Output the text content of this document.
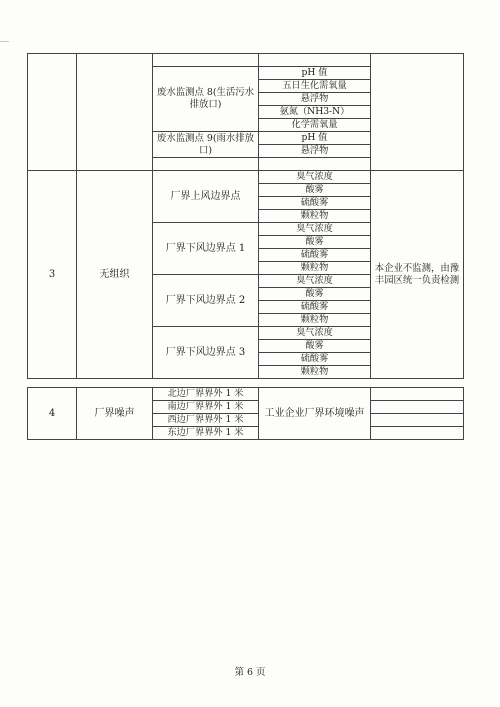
		废水监测点 8(生活污水排放口)	pH 值	
			五日生化需氧量	
			悬浮物	
			氨氮（NH3-N）	
			化学需氧量	
		废水监测点 9(雨水排放口)	pH 值	
			悬浮物	

3	无组织	厂界上风边界点	臭气浓度	本企业不监测，由豫丰园区统一负责检测
			酸雾	
			硫酸雾	
			颗粒物	
		厂界下风边界点 1	臭气浓度	
			酸雾	
			硫酸雾	
			颗粒物	
		厂界下风边界点 2	臭气浓度	
			酸雾	
			硫酸雾	
			颗粒物	
		厂界下风边界点 3	臭气浓度	
			酸雾	
			硫酸雾	
			颗粒物	

4	厂界噪声	北边厂界界外 1 米	工业企业厂界环境噪声	
		南边厂界界外 1 米		
		西边厂界界外 1 米		
		东边厂界界外 1 米		
第 6 页
